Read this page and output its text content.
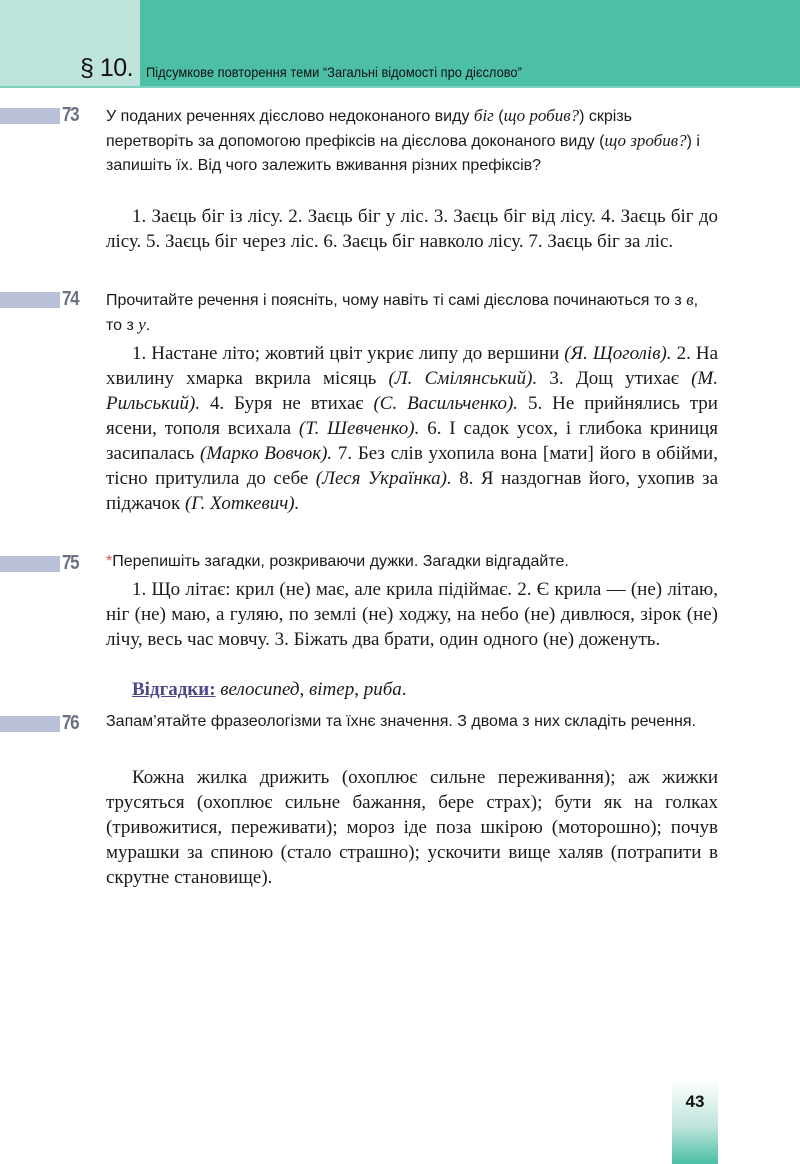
§ 10. Підсумкове повторення теми “Загальні відомості про дієслово”
73 У поданих реченнях дієслово недоконаного виду біг (що робив?) скрізь перетворіть за допомогою префіксів на дієслова доконаного виду (що зробив?) і запишіть їх. Від чого залежить вживання різних префіксів?
1. Заєць біг із лісу. 2. Заєць біг у ліс. 3. Заєць біг від лісу. 4. Заєць біг до лісу. 5. Заєць біг через ліс. 6. Заєць біг навколо лісу. 7. Заєць біг за ліс.
74 Прочитайте речення і поясніть, чому навіть ті самі дієслова починаються то з в, то з у.
1. Настане літо; жовтий цвіт укриє липу до вершини (Я. Щоголів). 2. На хвилину хмарка вкрила місяць (Л. Смілянський). 3. Дощ утихає (М. Рильський). 4. Буря не втихає (С. Васильченко). 5. Не прийнялись три ясени, тополя всихала (Т. Шевченко). 6. І садок усох, і глибока криниця засипалась (Марко Вовчок). 7. Без слів ухопила вона [мати] його в обійми, тісно притулила до себе (Леся Українка). 8. Я наздогнав його, ухопив за піджачок (Г. Хоткевич).
75 *Перепишіть загадки, розкриваючи дужки. Загадки відгадайте.
1. Що літає: крил (не) має, але крила підіймає. 2. Є крила — (не) літаю, ніг (не) маю, а гуляю, по землі (не) ходжу, на небо (не) дивлюся, зірок (не) лічу, весь час мовчу. 3. Біжать два брати, один одного (не) доженуть.
Відгадки: велосипед, вітер, риба.
76 Запам’ятайте фразеологізми та їхнє значення. З двома з них складіть речення.
Кожна жилка дрижить (охоплює сильне переживання); аж жижки трусяться (охоплює сильне бажання, бере страх); бути як на голках (тривожитися, переживати); мороз іде поза шкірою (моторошно); почув мурашки за спиною (стало страшно); ускочити вище халяв (потрапити в скрутне становище).
43
